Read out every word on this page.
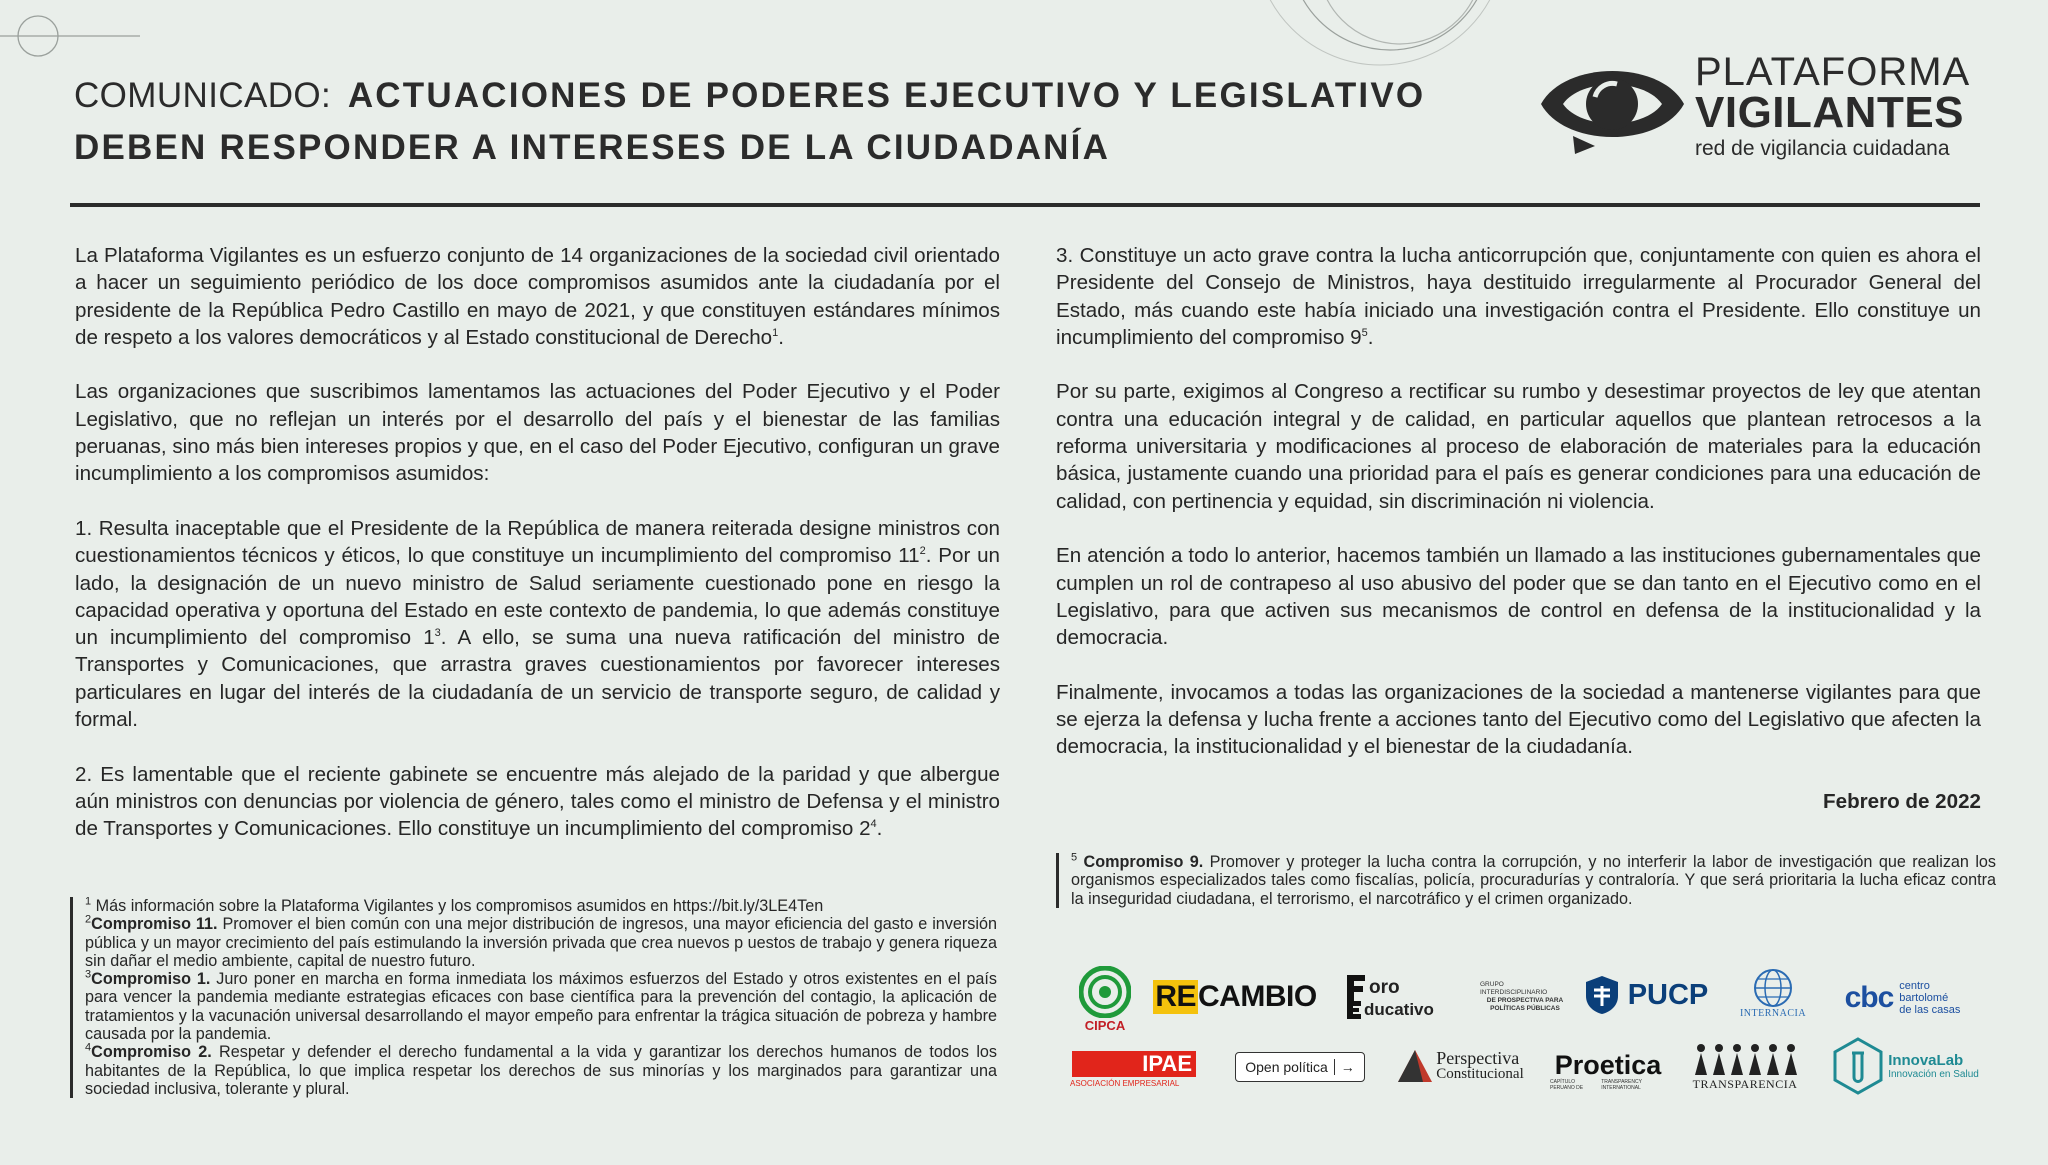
COMUNICADO: ACTUACIONES DE PODERES EJECUTIVO Y LEGISLATIVO DEBEN RESPONDER A INTERESES DE LA CIUDADANÍA
PLATAFORMA
VIGILANTES
red de vigilancia cuidadana

La Plataforma Vigilantes es un esfuerzo conjunto de 14 organizaciones de la sociedad civil orientado a hacer un seguimiento periódico de los doce compromisos asumidos ante la ciudadanía por el presidente de la República Pedro Castillo en mayo de 2021, y que constituyen estándares mínimos de respeto a los valores democráticos y al Estado constitucional de Derecho$^1$.

Las organizaciones que suscribimos lamentamos las actuaciones del Poder Ejecutivo y el Poder Legislativo, que no reflejan un interés por el desarrollo del país y el bienestar de las familias peruanas, sino más bien intereses propios y que, en el caso del Poder Ejecutivo, configuran un grave incumplimiento a los compromisos asumidos:

1. Resulta inaceptable que el Presidente de la República de manera reiterada designe ministros con cuestionamientos técnicos y éticos, lo que constituye un incumplimiento del compromiso $11^2$. Por un lado, la designación de un nuevo ministro de Salud seriamente cuestionado pone en riesgo la capacidad operativa y oportuna del Estado en este contexto de pandemia, lo que además constituye un incumplimiento del compromiso $1^3$. A ello, se suma una nueva ratificación del ministro de Transportes y Comunicaciones, que arrastra graves cuestionamientos por favorecer intereses particulares en lugar del interés de la ciudadanía de un servicio de transporte seguro, de calidad y formal.

2. Es lamentable que el reciente gabinete se encuentre más alejado de la paridad y que albergue aún ministros con denuncias por violencia de género, tales como el ministro de Defensa y el ministro de Transportes y Comunicaciones. Ello constituye un incumplimiento del compromiso $2^4$.

3. Constituye un acto grave contra la lucha anticorrupción que, conjuntamente con quien es ahora el Presidente del Consejo de Ministros, haya destituido irregularmente al Procurador General del Estado, más cuando este había iniciado una investigación contra el Presidente. Ello constituye un incumplimiento del compromiso $9^5$.

Por su parte, exigimos al Congreso a rectificar su rumbo y desestimar proyectos de ley que atentan contra una educación integral y de calidad, en particular aquellos que plantean retrocesos a la reforma universitaria y modificaciones al proceso de elaboración de materiales para la educación básica, justamente cuando una prioridad para el país es generar condiciones para una educación de calidad, con pertinencia y equidad, sin discriminación ni violencia.

En atención a todo lo anterior, hacemos también un llamado a las instituciones gubernamentales que cumplen un rol de contrapeso al uso abusivo del poder que se dan tanto en el Ejecutivo como en el Legislativo, para que activen sus mecanismos de control en defensa de la institucionalidad y la democracia.

Finalmente, invocamos a todas las organizaciones de la sociedad a mantenerse vigilantes para que se ejerza la defensa y lucha frente a acciones tanto del Ejecutivo como del Legislativo que afecten la democracia, la institucionalidad y el bienestar de la ciudadanía.

Febrero de 2022

$^1$ Más información sobre la Plataforma Vigilantes y los compromisos asumidos en https://bit.ly/3LE4Ten

$^2$Compromiso 11. Promover el bien común con una mejor distribución de ingresos, una mayor eficiencia del gasto e inversión pública y un mayor crecimiento del país estimulando la inversión privada que crea nuevos p uestos de trabajo y genera riqueza sin dañar el medio ambiente, capital de nuestro futuro.

$^3$Compromiso 1. Juro poner en marcha en forma inmediata los máximos esfuerzos del Estado y otros existentes en el país para vencer la pandemia mediante estrategias eficaces con base científica para la prevención del contagio, la aplicación de tratamientos y la vacunación universal desarrollando el mayor empeño para enfrentar la trágica situación de pobreza y hambre causada por la pandemia.

$^4$Compromiso 2. Respetar y defender el derecho fundamental a la vida y garantizar los derechos humanos de todos los habitantes de la República, lo que implica respetar los derechos de sus minorías y los marginados para garantizar una sociedad inclusiva, tolerante y plural.

$^5$ Compromiso 9. Promover y proteger la lucha contra la corrupción, y no interferir la labor de investigación que realizan los organismos especializados tales como fiscalías, policía, procuradurías y contraloría. Y que será prioritaria la lucha eficaz contra la inseguridad ciudadana, el terrorismo, el narcotráfico y el crimen organizado.

CIPCA
RE CAMBIO	oro
ducativo
GRUPO INTERDISCIPLINARIO
DE PROSPECTIVA PARA
POLÍTICAS PÚBLICAS PUCP
INTERNACIA cbc centro
bartolomé
de las casas
IPAE
ASOCIACIÓN EMPRESARIAL
Open política →	Perspectiva
Constitucional Proetica
CAPÍTULO PERUANO DE
TRANSPARENCY INTERNATIONAL	TRANSPARENCIA
InnovaLab
Innovación en Salud
